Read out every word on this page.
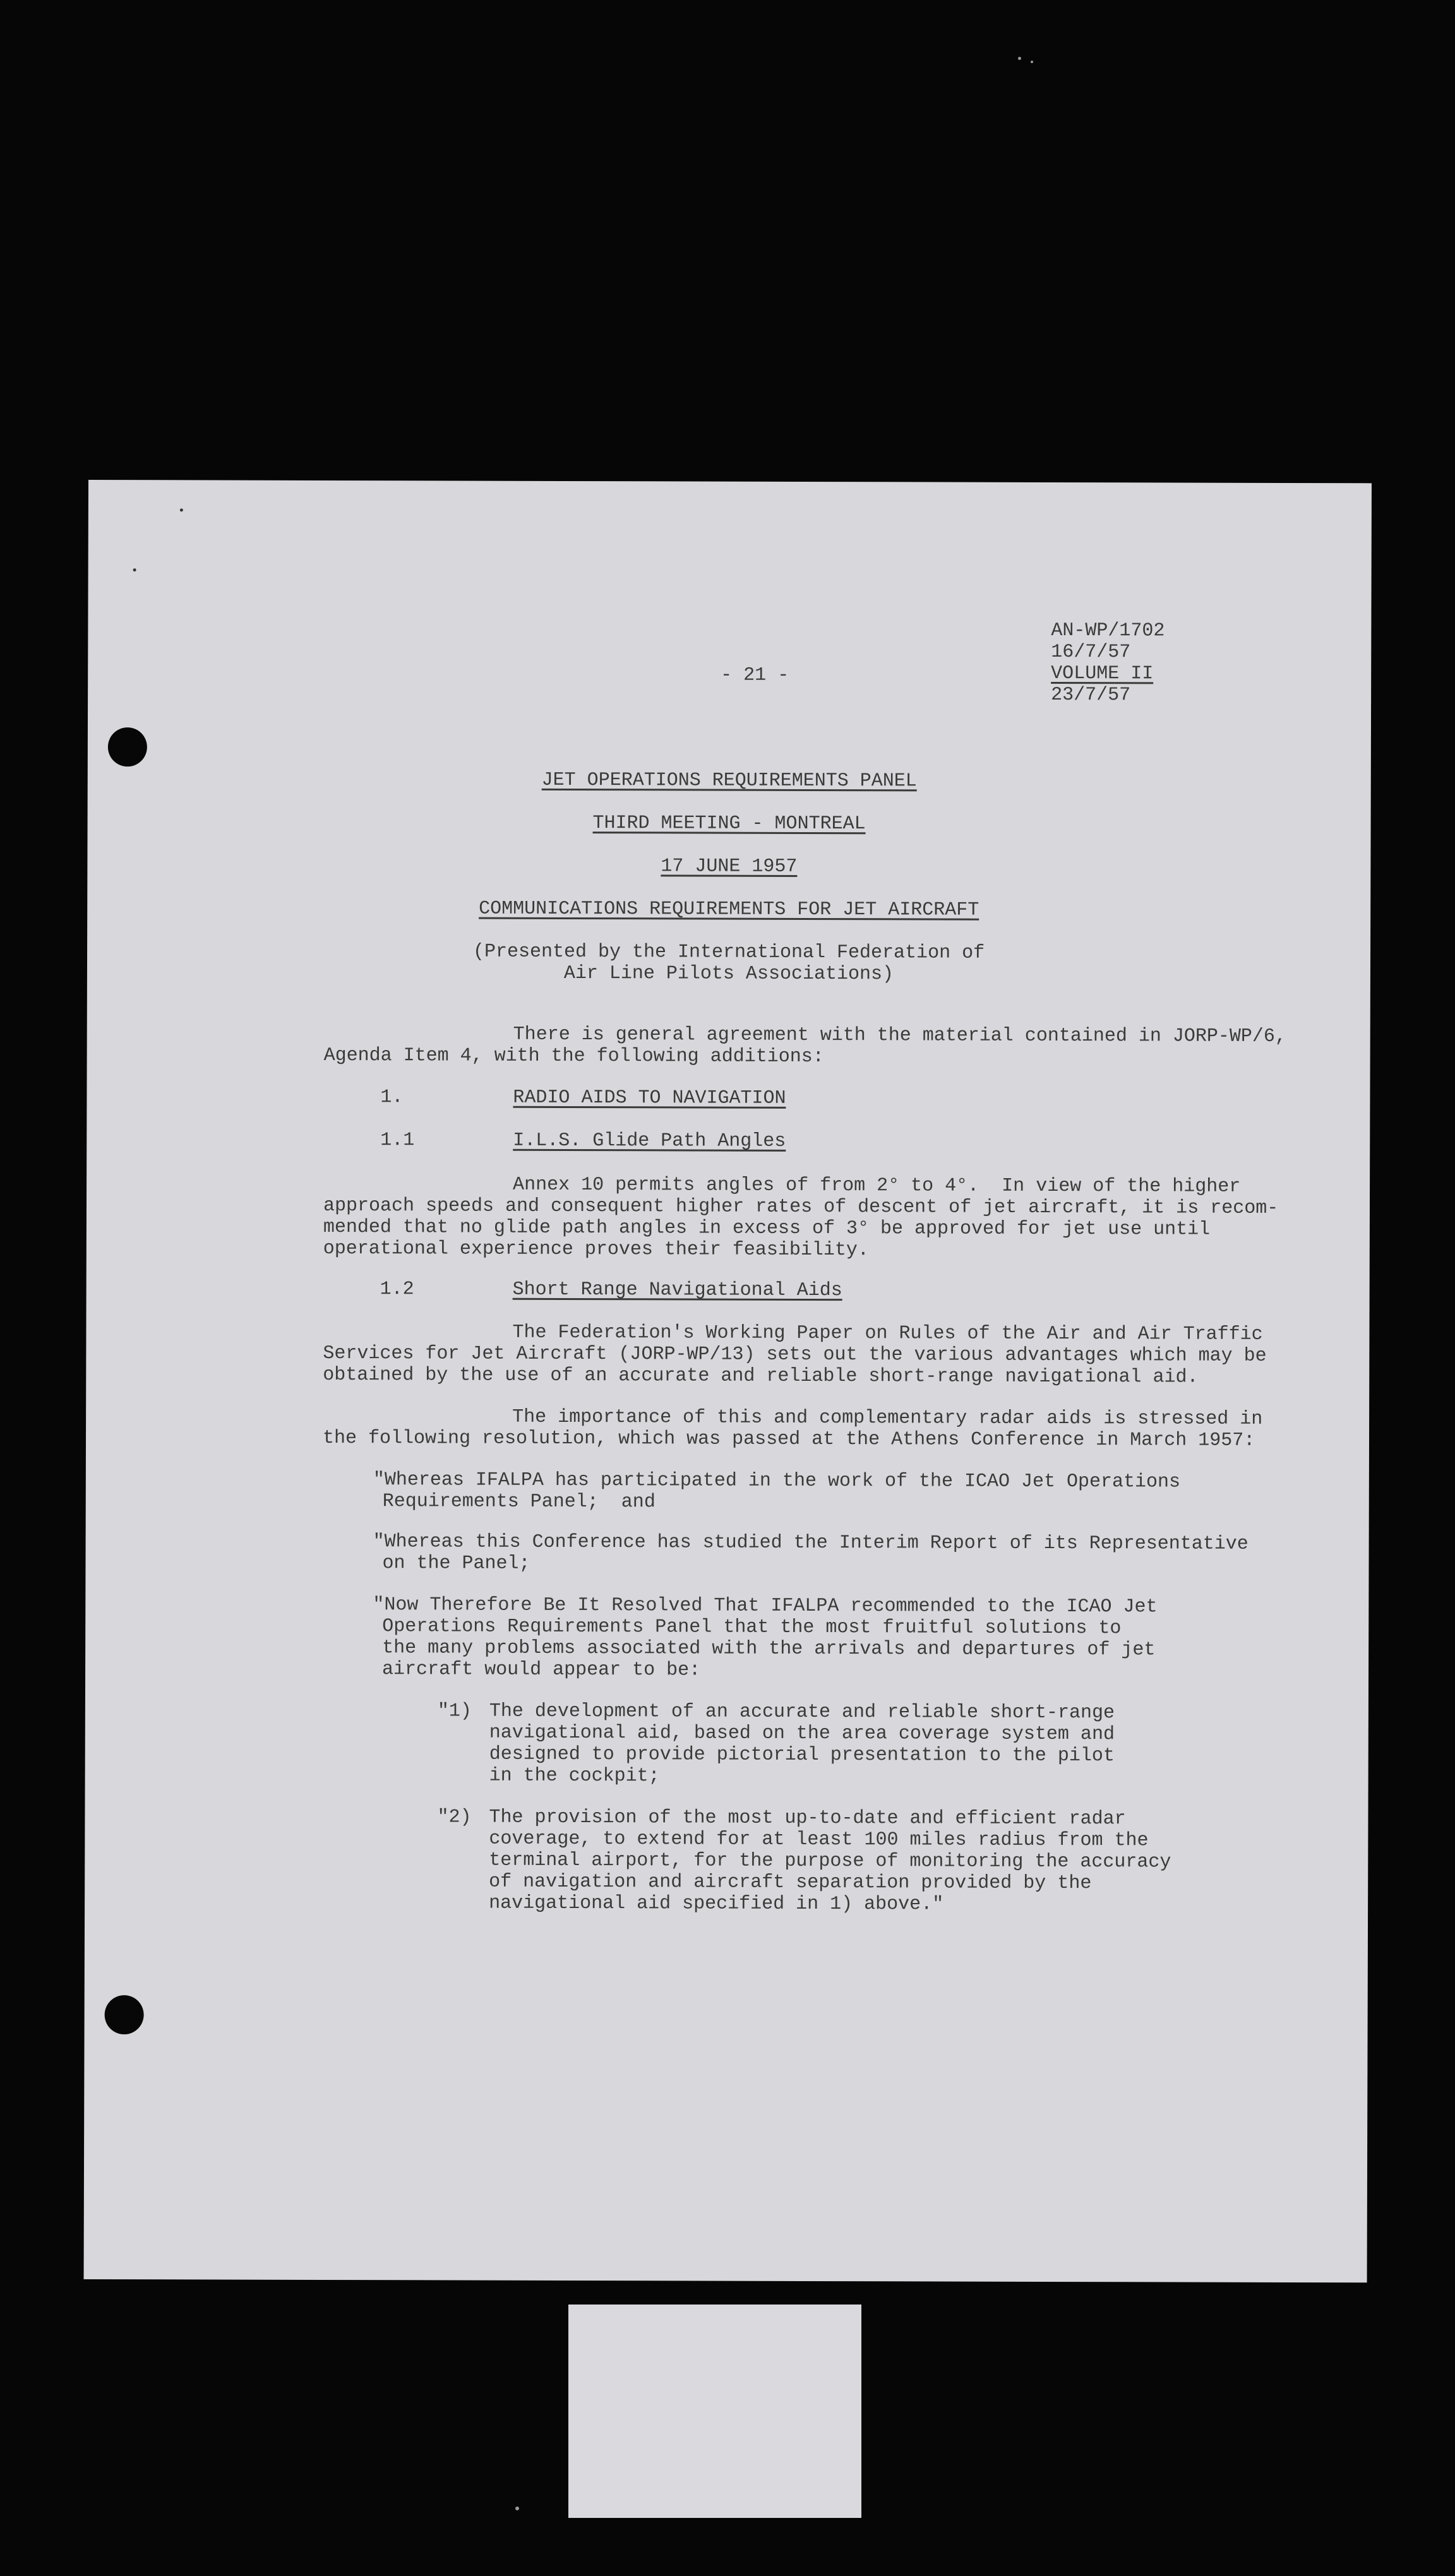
AN-WP/1702

16/7/57

VOLUME II

23/7/57

- 21 -

JET OPERATIONS REQUIREMENTS PANEL

THIRD MEETING - MONTREAL

17 JUNE 1957

COMMUNICATIONS REQUIREMENTS FOR JET AIRCRAFT

(Presented by the International Federation of

Air Line Pilots Associations)

There is general agreement with the material contained in JORP-WP/6,

Agenda Item 4, with the following additions:

1.	RADIO AIDS TO NAVIGATION

1.1	I.L.S. Glide Path Angles

Annex 10 permits angles of from 2° to 4°.  In view of the higher

approach speeds and consequent higher rates of descent of jet aircraft, it is recom-

mended that no glide path angles in excess of 3° be approved for jet use until

operational experience proves their feasibility.

1.2	Short Range Navigational Aids

The Federation's Working Paper on Rules of the Air and Air Traffic

Services for Jet Aircraft (JORP-WP/13) sets out the various advantages which may be

obtained by the use of an accurate and reliable short-range navigational aid.

The importance of this and complementary radar aids is stressed in

the following resolution, which was passed at the Athens Conference in March 1957:

"Whereas IFALPA has participated in the work of the ICAO Jet Operations

Requirements Panel;  and

"Whereas this Conference has studied the Interim Report of its Representative

on the Panel;

"Now Therefore Be It Resolved That IFALPA recommended to the ICAO Jet

Operations Requirements Panel that the most fruitful solutions to

the many problems associated with the arrivals and departures of jet

aircraft would appear to be:

"1) The development of an accurate and reliable short-range

navigational aid, based on the area coverage system and

designed to provide pictorial presentation to the pilot

in the cockpit;

"2) The provision of the most up-to-date and efficient radar

coverage, to extend for at least 100 miles radius from the

terminal airport, for the purpose of monitoring the accuracy

of navigation and aircraft separation provided by the

navigational aid specified in 1) above."
